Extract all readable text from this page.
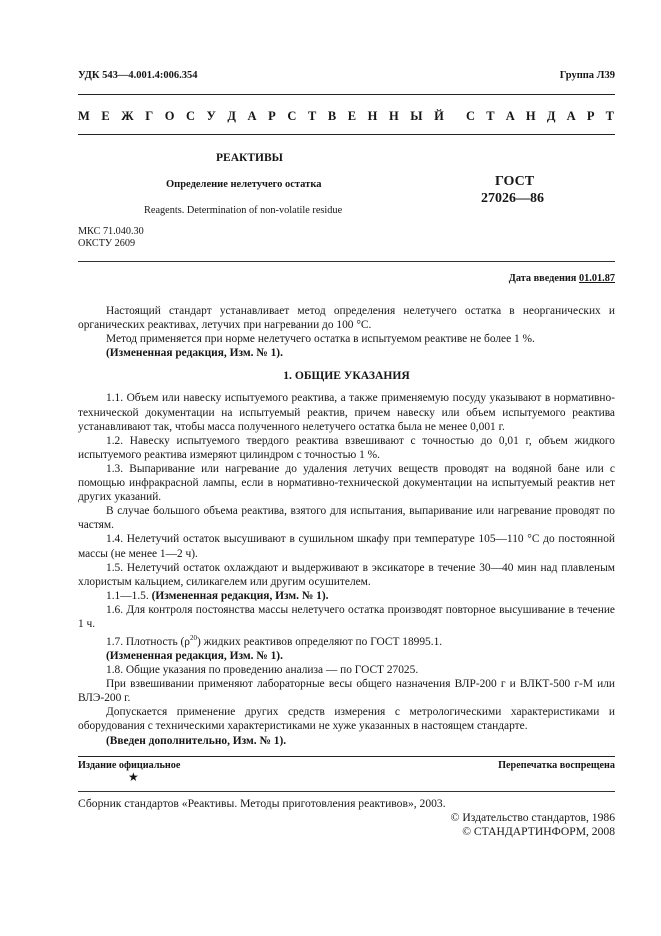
УДК 543—4.001.4:006.354	Группа Л39
М Е Ж Г О С У Д А Р С Т В Е Н Н Ы Й С Т А Н Д А Р Т
РЕАКТИВЫ
Определение нелетучего остатка
Reagents. Determination of non-volatile residue
ГОСТ
27026—86
МКС 71.040.30
ОКСТУ 2609
Дата введения 01.01.87

Настоящий стандарт устанавливает метод определения нелетучего остатка в неорганических и органических реактивах, летучих при нагревании до 100 °С.

Метод применяется при норме нелетучего остатка в испытуемом реактиве не более 1 %.

(Измененная редакция, Изм. № 1).

1. ОБЩИЕ УКАЗАНИЯ

1.1. Объем или навеску испытуемого реактива, а также применяемую посуду указывают в нормативно-технической документации на испытуемый реактив, причем навеску или объем испытуемого реактива устанавливают так, чтобы масса полученного нелетучего остатка была не менее 0,001 г.

1.2. Навеску испытуемого твердого реактива взвешивают с точностью до 0,01 г, объем жидкого испытуемого реактива измеряют цилиндром с точностью 1 %.

1.3. Выпаривание или нагревание до удаления летучих веществ проводят на водяной бане или с помощью инфракрасной лампы, если в нормативно-технической документации на испытуемый реактив нет других указаний.

В случае большого объема реактива, взятого для испытания, выпаривание или нагревание проводят по частям.

1.4. Нелетучий остаток высушивают в сушильном шкафу при температуре 105—110 °С до постоянной массы (не менее 1—2 ч).

1.5. Нелетучий остаток охлаждают и выдерживают в эксикаторе в течение 30—40 мин над плавленым хлористым кальцием, силикагелем или другим осушителем.

1.1—1.5. (Измененная редакция, Изм. № 1).

1.6. Для контроля постоянства массы нелетучего остатка производят повторное высушивание в течение 1 ч.

1.7. Плотность $(\rho^{20})$ жидких реактивов определяют по ГОСТ 18995.1.

(Измененная редакция, Изм. № 1).

1.8. Общие указания по проведению анализа — по ГОСТ 27025.

При взвешивании применяют лабораторные весы общего назначения ВЛР-200 г и ВЛКТ-500 г-М или ВЛЭ-200 г.

Допускается применение других средств измерения с метрологическими характеристиками и оборудования с техническими характеристиками не хуже указанных в настоящем стандарте.

(Введен дополнительно, Изм. № 1).

Издание официальное	Перепечатка воспрещена
★
Сборник стандартов «Реактивы. Методы приготовления реактивов», 2003.
© Издательство стандартов, 1986
© СТАНДАРТИНФОРМ, 2008
